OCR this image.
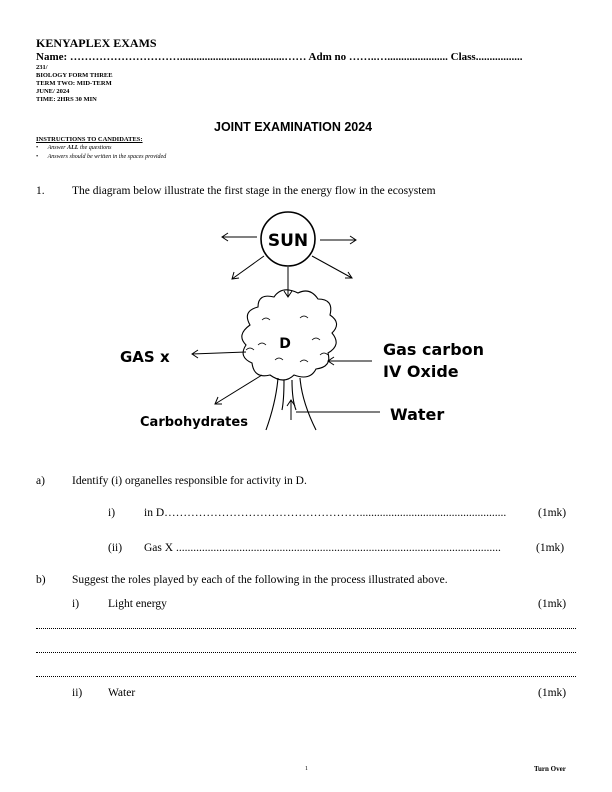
KENYAPLEX EXAMS
Name: …………………………......................................…… Adm no ……..…...................... Class.................
231/
BIOLOGY FORM THREE
TERM TWO: MID-TERM
JUNE/ 2024
TIME: 2HRS 30 MIN
JOINT EXAMINATION 2024
INSTRUCTIONS TO CANDIDATES:
• Answer ALL the questions
• Answers should be written in the spaces provided
1. The diagram below illustrate the first stage in the energy flow in the ecosystem
SUN
D
GAS x	Gas carbon
IV Oxide
Carbohydrates	Water
a) Identify (i) organelles responsible for activity in D.
i)	in D……………………………………………...................................................	(1mk)
(ii) Gas X .................................................................................................................	(1mk)
b) Suggest the roles played by each of the following in the process illustrated above.
i)	Light energy	(1mk)
ii) Water	(1mk)
1	Turn Over
